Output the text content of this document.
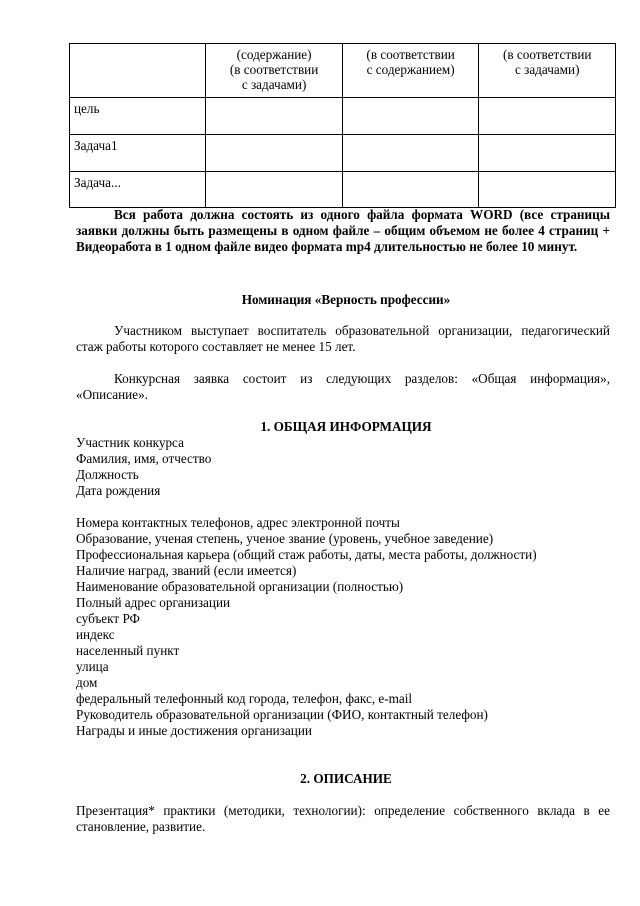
	(содержание)
(в соответствии
с задачами)	(в соответствии
с содержанием)	(в соответствии
с задачами)
цель			
Задача1			
Задача...			

Вся работа должна состоять из одного файла формата WORD (все страницы заявки должны быть размещены в одном файле – общим объемом не более 4 страниц + Видеоработа в 1 одном файле видео формата mp4 длительностью не более 10 минут.

Номинация «Верность профессии»

Участником выступает воспитатель образовательной организации, педагогический стаж работы которого составляет не менее 15 лет.

Конкурсная заявка состоит из следующих разделов: «Общая информация», «Описание».

1. ОБЩАЯ ИНФОРМАЦИЯ
Участник конкурса
Фамилия, имя, отчество
Должность
Дата рождения
Номера контактных телефонов, адрес электронной почты
Образование, ученая степень, ученое звание (уровень, учебное заведение)
Профессиональная карьера (общий стаж работы, даты, места работы, должности)
Наличие наград, званий (если имеется)
Наименование образовательной организации (полностью)
Полный адрес организации
субъект РФ
индекс
населенный пункт
улица
дом
федеральный телефонный код города, телефон, факс, e-mail
Руководитель образовательной организации (ФИО, контактный телефон)
Награды и иные достижения организации
2. ОПИСАНИЕ

Презентация* практики (методики, технологии): определение собственного вклада в ее становление, развитие.
